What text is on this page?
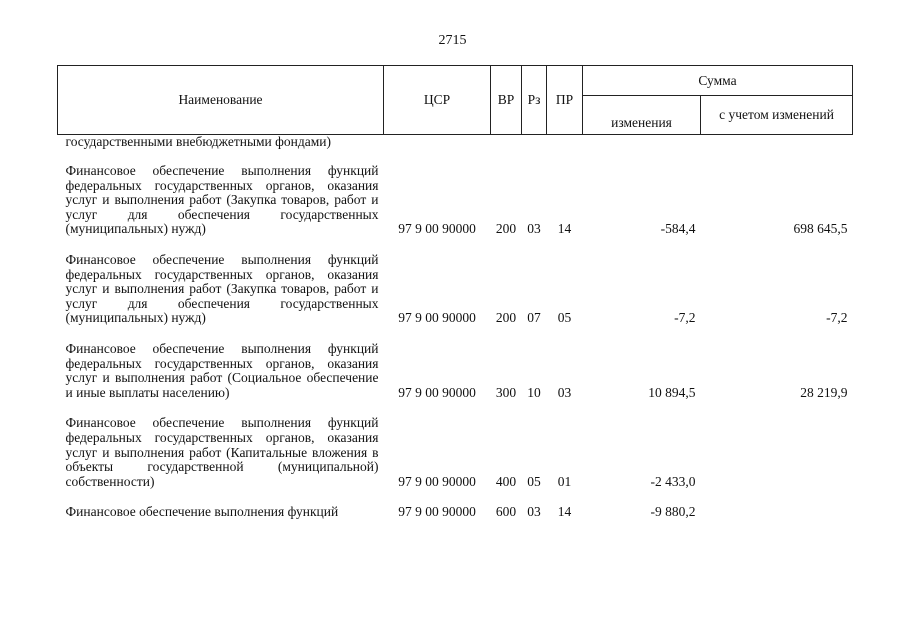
2715
Наименование	ЦСР	ВР	Рз	ПР	Сумма	
					изменения	с учетом изменений
государственными внебюджетными фондами)						

Финансовое обеспечение выполнения функций федеральных государственных органов, оказания услуг и выполнения работ (Закупка товаров, работ и услуг для обеспечения государственных (муниципальных) нужд)	97 9 00 90000	200	03	14	-584,4	698 645,5

Финансовое обеспечение выполнения функций федеральных государственных органов, оказания услуг и выполнения работ (Закупка товаров, работ и услуг для обеспечения государственных (муниципальных) нужд)	97 9 00 90000	200	07	05	-7,2	-7,2

Финансовое обеспечение выполнения функций федеральных государственных органов, оказания услуг и выполнения работ (Социальное обеспечение и иные выплаты населению)	97 9 00 90000	300	10	03	10 894,5	28 219,9

Финансовое обеспечение выполнения функций федеральных государственных органов, оказания услуг и выполнения работ (Капитальные вложения в объекты государственной (муниципальной) собственности)	97 9 00 90000	400	05	01	-2 433,0	

Финансовое обеспечение выполнения функций	97 9 00 90000	600	03	14	-9 880,2	
